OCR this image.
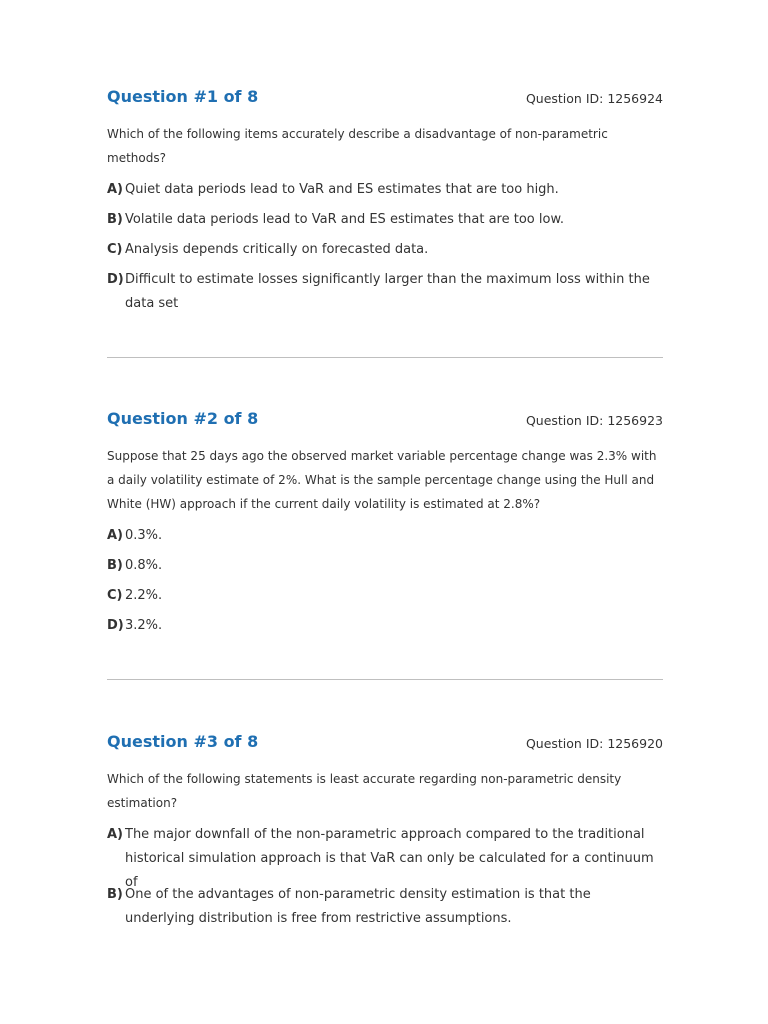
Question #1 of 8	Question ID: 1256924
Which of the following items accurately describe a disadvantage of non-parametric methods?
A) Quiet data periods lead to VaR and ES estimates that are too high.
B) Volatile data periods lead to VaR and ES estimates that are too low.
C) Analysis depends critically on forecasted data.
D) Difficult to estimate losses significantly larger than the maximum loss within the data set
Question #2 of 8	Question ID: 1256923
Suppose that 25 days ago the observed market variable percentage change was 2.3% with a daily volatility estimate of 2%. What is the sample percentage change using the Hull and White (HW) approach if the current daily volatility is estimated at 2.8%?
A) 0.3%.
B) 0.8%.
C) 2.2%.
D) 3.2%.
Question #3 of 8	Question ID: 1256920
Which of the following statements is least accurate regarding non-parametric density estimation?
A) The major downfall of the non-parametric approach compared to the traditional historical simulation approach is that VaR can only be calculated for a continuum of
B) One of the advantages of non-parametric density estimation is that the underlying distribution is free from restrictive assumptions.
